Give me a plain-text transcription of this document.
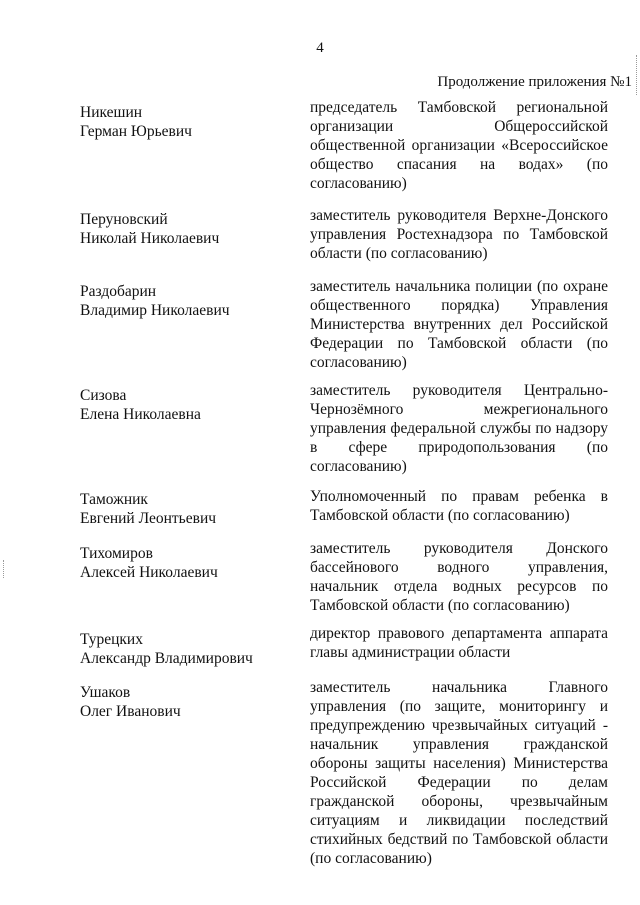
4
Продолжение приложения №1
Никешин
Герман Юрьевич
председатель Тамбовской региональной организации Общероссийской общественной организации «Всероссийское общество спасания на водах» (по согласованию)
Перуновский
Николай Николаевич
заместитель руководителя Верхне-Донского управления Ростехнадзора по Тамбовской области (по согласованию)
Раздобарин
Владимир Николаевич
заместитель начальника полиции (по охране общественного порядка) Управления Министерства внутренних дел Российской Федерации по Тамбовской области (по согласованию)
Сизова
Елена Николаевна
заместитель руководителя Центрально-Чернозёмного межрегионального управления федеральной службы по надзору в сфере природопользования (по согласованию)
Таможник
Евгений Леонтьевич
Уполномоченный по правам ребенка в Тамбовской области (по согласованию)
Тихомиров
Алексей Николаевич
заместитель руководителя Донского бассейнового водного управления, начальник отдела водных ресурсов по Тамбовской области (по согласованию)
Турецких
Александр Владимирович
директор правового департамента аппарата главы администрации области
Ушаков
Олег Иванович
заместитель начальника Главного управления (по защите, мониторингу и предупреждению чрезвычайных ситуаций - начальник управления гражданской обороны защиты населения) Министерства Российской Федерации по делам гражданской обороны, чрезвычайным ситуациям и ликвидации последствий стихийных бедствий по Тамбовской области (по согласованию)
